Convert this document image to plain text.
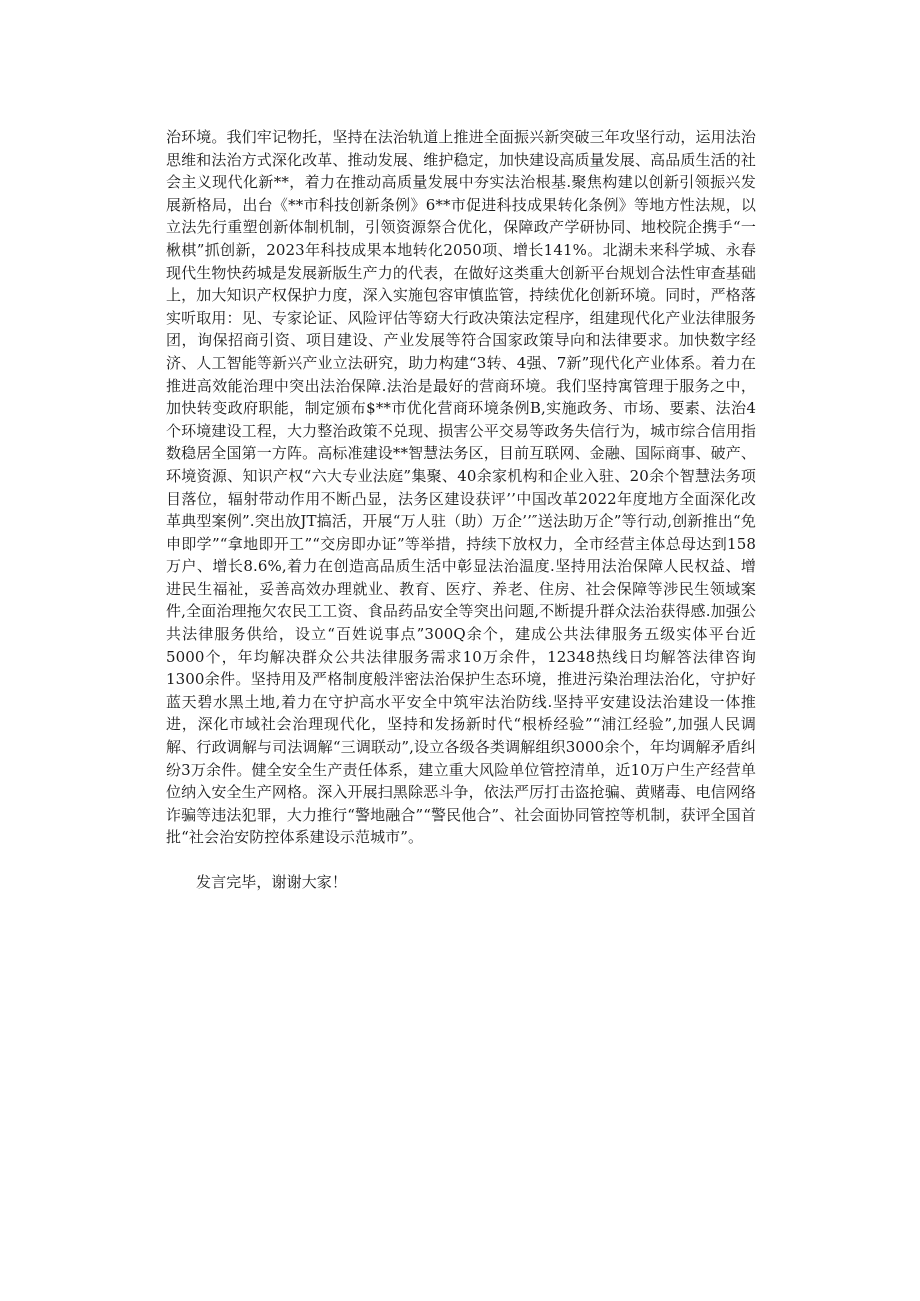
治环境。我们牢记物托，坚持在法治轨道上推进全面振兴新突破三年攻坚行动，运用法治思维和法治方式深化改革、推动发展、维护稳定，加快建设高质量发展、高品质生活的社会主义现代化新**，着力在推动高质量发展中夯实法治根基.聚焦构建以创新引领振兴发展新格局，出台《**市科技创新条例》6**市促进科技成果转化条例》等地方性法规，以立法先行重塑创新体制机制，引领资源祭合优化，保障政产学研协同、地校院企携手“一楸棋”抓创新，2023年科技成果本地转化2050项、增长141%。北湖未来科学城、永春现代生物快药城是发展新版生产力的代表，在做好这类重大创新平台规划合法性审查基础上，加大知识产权保护力度，深入实施包容审慎监管，持续优化创新环境。同时，严格落实听取用：见、专家论证、风险评估等窈大行政决策法定程序，组建现代化产业法律服务团，询保招商引资、项目建设、产业发展等符合国家政策导向和法律要求。加快数字经济、人工智能等新兴产业立法研究，助力构建“3转、4强、7新”现代化产业体系。着力在推进高效能治理中突出法治保障.法治是最好的营商环境。我们坚持寓管理于服务之中，加快转变政府职能，制定颁布$**市优化营商环境条例B,实施政务、市场、要素、法治4个环境建设工程，大力整治政策不兑现、损害公平交易等政务失信行为，城市综合信用指数稳居全国第一方阵。高标准建设**智慧法务区，目前互联网、金融、国际商事、破产、环境资源、知识产权“六大专业法庭”集聚、40余家机构和企业入驻、20余个智慧法务项目落位，辐射带动作用不断凸显，法务区建设获评’’中国改革2022年度地方全面深化改革典型案例”.突出放JT搞活，开展“万人驻（助）万企’’″送法助万企”等行动,创新推出“免申即学”“拿地即开工”“交房即办证”等举措，持续下放权力，全市经营主体总母达到158万户、增长8.6%,着力在创造高品质生活中彰显法治温度.坚持用法治保障人民权益、增进民生福祉，妥善高效办理就业、教育、医疗、养老、住房、社会保障等涉民生领域案件,全面治理拖欠农民工工资、食品药品安全等突出问题,不断提升群众法治获得感.加强公共法律服务供给，设立“百姓说事点”300Q余个，建成公共法律服务五级实体平台近5000个，年均解决群众公共法律服务需求10万余件，12348热线日均解答法律咨询1300余件。坚持用及严格制度般泮密法治保护生态环境，推进污染治理法治化，守护好蓝天碧水黑土地,着力在守护高水平安全中筑牢法治防线.坚持平安建设法治建设一体推进，深化市域社会治理现代化，坚持和发扬新时代“根桥经验”“浦江经验”,加强人民调解、行政调解与司法调解“三调联动”,设立各级各类调解组织3000余个，年均调解矛盾纠纷3万余件。健全安全生产责任体系，建立重大风险单位管控清单，近10万户生产经营单位纳入安全生产网格。深入开展扫黑除恶斗争，依法严厉打击盗抢骗、黄赌毒、电信网络诈骗等违法犯罪，大力推行“警地融合”“警民他合”、社会面协同管控等机制，获评全国首批“社会治安防控体系建设示范城市”。

发言完毕，谢谢大家！
